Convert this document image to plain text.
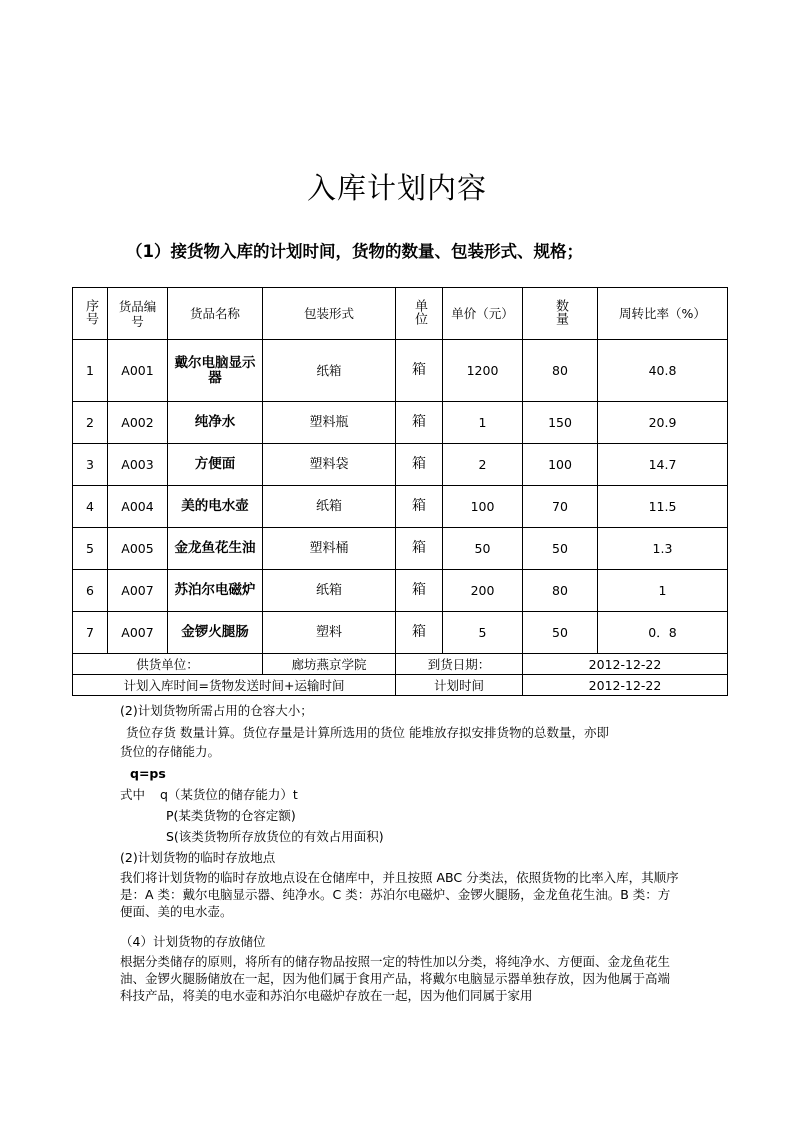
入库计划内容
（1）接货物入库的计划时间，货物的数量、包装形式、规格；
序号	货品编 号	货品名称	包装形式	单位	单价（元）	数量	周转比率（%）
1	A001	戴尔电脑显示器	纸箱	箱	1200	80	40.8
2	A002	纯净水	塑料瓶	箱	1	150	20.9
3	A003	方便面	塑料袋	箱	2	100	14.7
4	A004	美的电水壶	纸箱	箱	100	70	11.5
5	A005	金龙鱼花生油	塑料桶	箱	50	50	1.3
6	A007	苏泊尔电磁炉	纸箱	箱	200	80	1
7	A007	金锣火腿肠	塑料	箱	5	50	0．8
供货单位：			廊坊燕京学院	到货日期：		2012-12-22	
计划入库时间=货物发送时间+运输时间				计划时间		2012-12-22	
(2)计划货物所需占用的仓容大小；
货位存货 数量计算。货位存量是计算所选用的货位 能堆放存拟安排货物的总数量，亦即
货位的存储能力。
q=ps
式中 q（某货位的储存能力）t
P(某类货物的仓容定额)
S(该类货物所存放货位的有效占用面积)
(2)计划货物的临时存放地点
我们将计划货物的临时存放地点设在仓储库中，并且按照 ABC 分类法，依照货物的比率入库，其顺序是：A 类：戴尔电脑显示器、纯净水。C 类：苏泊尔电磁炉、金锣火腿肠，金龙鱼花生油。B 类：方便面、美的电水壶。
（4）计划货物的存放储位
根据分类储存的原则，将所有的储存物品按照一定的特性加以分类，将纯净水、方便面、金龙鱼花生油、金锣火腿肠储放在一起，因为他们属于食用产品，将戴尔电脑显示器单独存放，因为他属于高端科技产品，将美的电水壶和苏泊尔电磁炉存放在一起，因为他们同属于家用
